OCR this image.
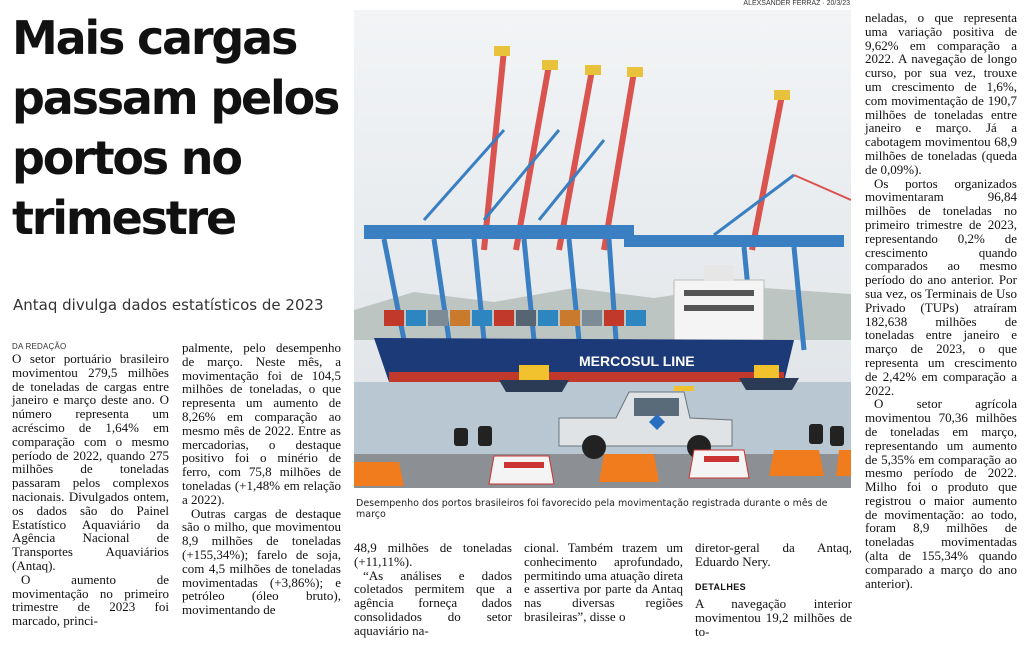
Mais cargas passam pelos portos no trimestre

Antaq divulga dados estatísticos de 2023

DA REDAÇÃO

O setor portuário brasileiro movimentou 279,5 milhões de toneladas de cargas entre janeiro e março deste ano. O número representa um acréscimo de 1,64% em comparação com o mesmo período de 2022, quando 275 milhões de toneladas passaram pelos complexos nacionais. Divulgados ontem, os dados são do Painel Estatístico Aquaviário da Agência Nacional de Transportes Aquaviários (Antaq).

O aumento de movimentação no primeiro trimestre de 2023 foi marcado, princi-

palmente, pelo desempenho de março. Neste mês, a movimentação foi de 104,5 milhões de toneladas, o que representa um aumento de 8,26% em comparação ao mesmo mês de 2022. Entre as mercadorias, o destaque positivo foi o minério de ferro, com 75,8 milhões de toneladas (+1,48% em relação a 2022).

Outras cargas de destaque são o milho, que movimentou 8,9 milhões de toneladas (+155,34%); farelo de soja, com 4,5 milhões de toneladas movimentadas (+3,86%); e petróleo (óleo bruto), movimentando de

ALEXSANDER FERRAZ · 20/3/23
MERCOSUL LINE
Desempenho dos portos brasileiros foi favorecido pela movimentação registrada durante o mês de março

48,9 milhões de toneladas (+11,11%).

“As análises e dados coletados permitem que a agência forneça dados consolidados do setor aquaviário na-

cional. Também trazem um conhecimento aprofundado, permitindo uma atuação direta e assertiva por parte da Antaq nas diversas regiões brasileiras”, disse o

diretor-geral da Antaq, Eduardo Nery.

DETALHES

A navegação interior movimentou 19,2 milhões de to-

neladas, o que representa uma variação positiva de 9,62% em comparação a 2022. A navegação de longo curso, por sua vez, trouxe um crescimento de 1,6%, com movimentação de 190,7 milhões de toneladas entre janeiro e março. Já a cabotagem movimentou 68,9 milhões de toneladas (queda de 0,09%).

Os portos organizados movimentaram 96,84 milhões de toneladas no primeiro trimestre de 2023, representando 0,2% de crescimento quando comparados ao mesmo período do ano anterior. Por sua vez, os Terminais de Uso Privado (TUPs) atraíram 182,638 milhões de toneladas entre janeiro e março de 2023, o que representa um crescimento de 2,42% em comparação a 2022.

O setor agrícola movimentou 70,36 milhões de toneladas em março, representando um aumento de 5,35% em comparação ao mesmo período de 2022. Milho foi o produto que registrou o maior aumento de movimentação: ao todo, foram 8,9 milhões de toneladas movimentadas (alta de 155,34% quando comparado a março do ano anterior).
